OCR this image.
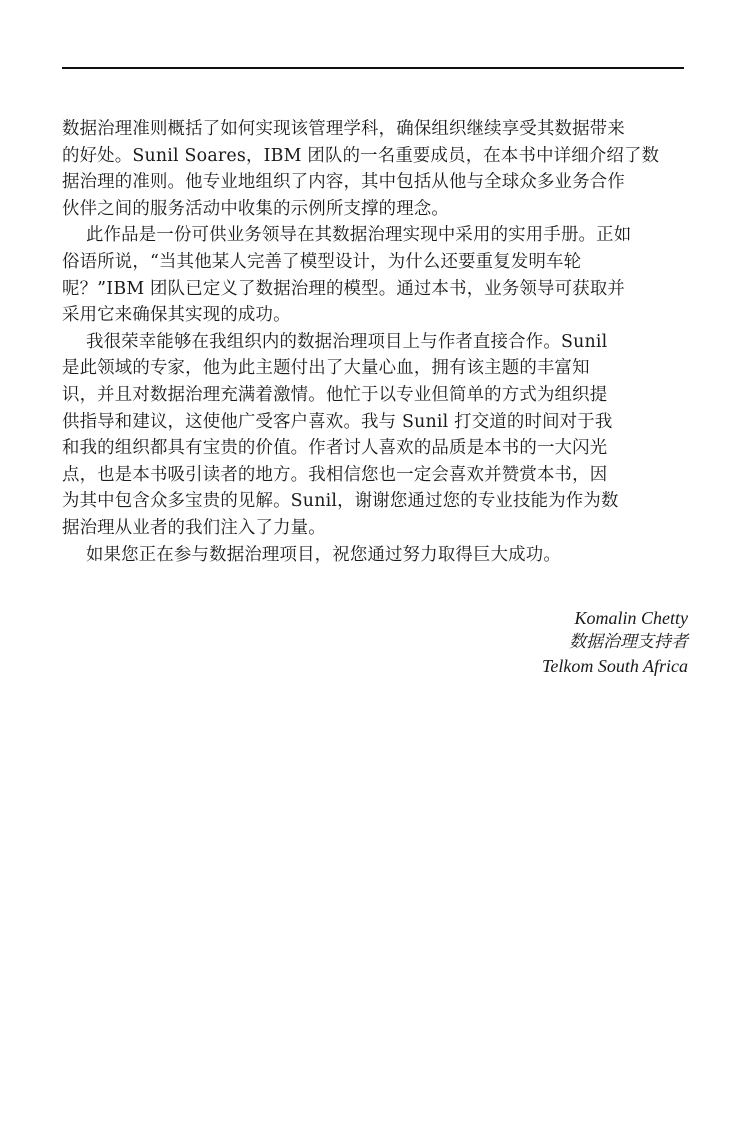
数据治理准则概括了如何实现该管理学科，确保组织继续享受其数据带来
的好处。Sunil Soares，IBM 团队的一名重要成员，在本书中详细介绍了数
据治理的准则。他专业地组织了内容，其中包括从他与全球众多业务合作
伙伴之间的服务活动中收集的示例所支撑的理念。
此作品是一份可供业务领导在其数据治理实现中采用的实用手册。正如
俗语所说，“当其他某人完善了模型设计，为什么还要重复发明车轮
呢？”IBM 团队已定义了数据治理的模型。通过本书，业务领导可获取并
采用它来确保其实现的成功。
我很荣幸能够在我组织内的数据治理项目上与作者直接合作。Sunil
是此领域的专家，他为此主题付出了大量心血，拥有该主题的丰富知
识，并且对数据治理充满着激情。他忙于以专业但简单的方式为组织提
供指导和建议，这使他广受客户喜欢。我与 Sunil 打交道的时间对于我
和我的组织都具有宝贵的价值。作者讨人喜欢的品质是本书的一大闪光
点，也是本书吸引读者的地方。我相信您也一定会喜欢并赞赏本书，因
为其中包含众多宝贵的见解。Sunil，谢谢您通过您的专业技能为作为数
据治理从业者的我们注入了力量。
如果您正在参与数据治理项目，祝您通过努力取得巨大成功。
Komalin Chetty
数据治理支持者
Telkom South Africa
